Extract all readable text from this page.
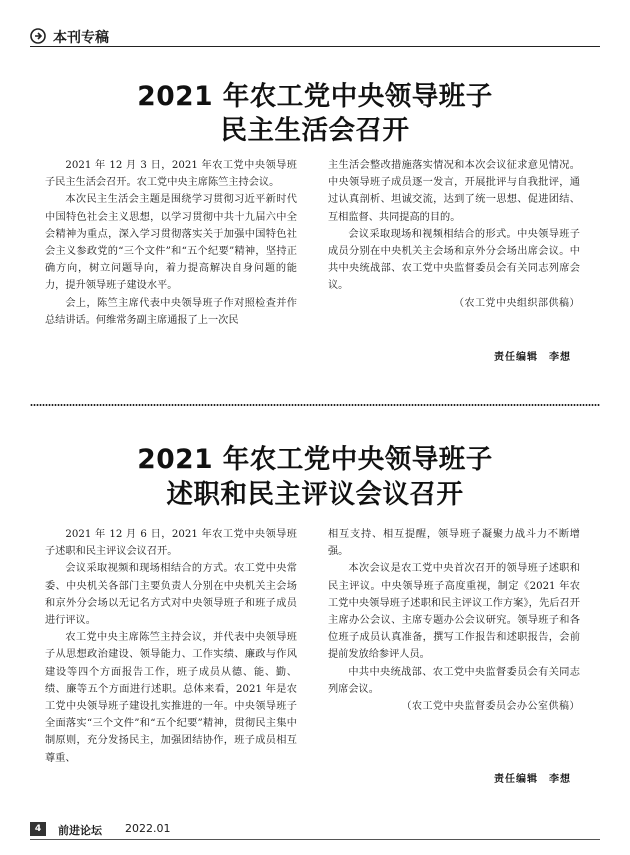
本刊专稿
2021 年农工党中央领导班子
民主生活会召开

2021 年 12 月 3 日，2021 年农工党中央领导班子民主生活会召开。农工党中央主席陈竺主持会议。

本次民主生活会主题是围绕学习贯彻习近平新时代中国特色社会主义思想，以学习贯彻中共十九届六中全会精神为重点，深入学习贯彻落实关于加强中国特色社会主义参政党的“三个文件”和“五个纪要”精神，坚持正确方向，树立问题导向，着力提高解决自身问题的能力，提升领导班子建设水平。

会上，陈竺主席代表中央领导班子作对照检查并作总结讲话。何维常务副主席通报了上一次民

主生活会整改措施落实情况和本次会议征求意见情况。中央领导班子成员逐一发言，开展批评与自我批评，通过认真剖析、坦诚交流，达到了统一思想、促进团结、互相监督、共同提高的目的。

会议采取现场和视频相结合的形式。中央领导班子成员分别在中央机关主会场和京外分会场出席会议。中共中央统战部、农工党中央监督委员会有关同志列席会议。

（农工党中央组织部供稿）
责任编辑　李想
2021 年农工党中央领导班子
述职和民主评议会议召开

2021 年 12 月 6 日，2021 年农工党中央领导班子述职和民主评议会议召开。

会议采取视频和现场相结合的方式。农工党中央常委、中央机关各部门主要负责人分别在中央机关主会场和京外分会场以无记名方式对中央领导班子和班子成员进行评议。

农工党中央主席陈竺主持会议，并代表中央领导班子从思想政治建设、领导能力、工作实绩、廉政与作风建设等四个方面报告工作，班子成员从德、能、勤、绩、廉等五个方面进行述职。总体来看，2021 年是农工党中央领导班子建设扎实推进的一年。中央领导班子全面落实“三个文件”和“五个纪要”精神，贯彻民主集中制原则，充分发扬民主，加强团结协作，班子成员相互尊重、

相互支持、相互提醒，领导班子凝聚力战斗力不断增强。

本次会议是农工党中央首次召开的领导班子述职和民主评议。中央领导班子高度重视，制定《2021 年农工党中央领导班子述职和民主评议工作方案》，先后召开主席办公会议、主席专题办公会议研究。领导班子和各位班子成员认真准备，撰写工作报告和述职报告，会前提前发放给参评人员。

中共中央统战部、农工党中央监督委员会有关同志列席会议。

（农工党中央监督委员会办公室供稿）
责任编辑　李想
4	前进论坛 2022.01
